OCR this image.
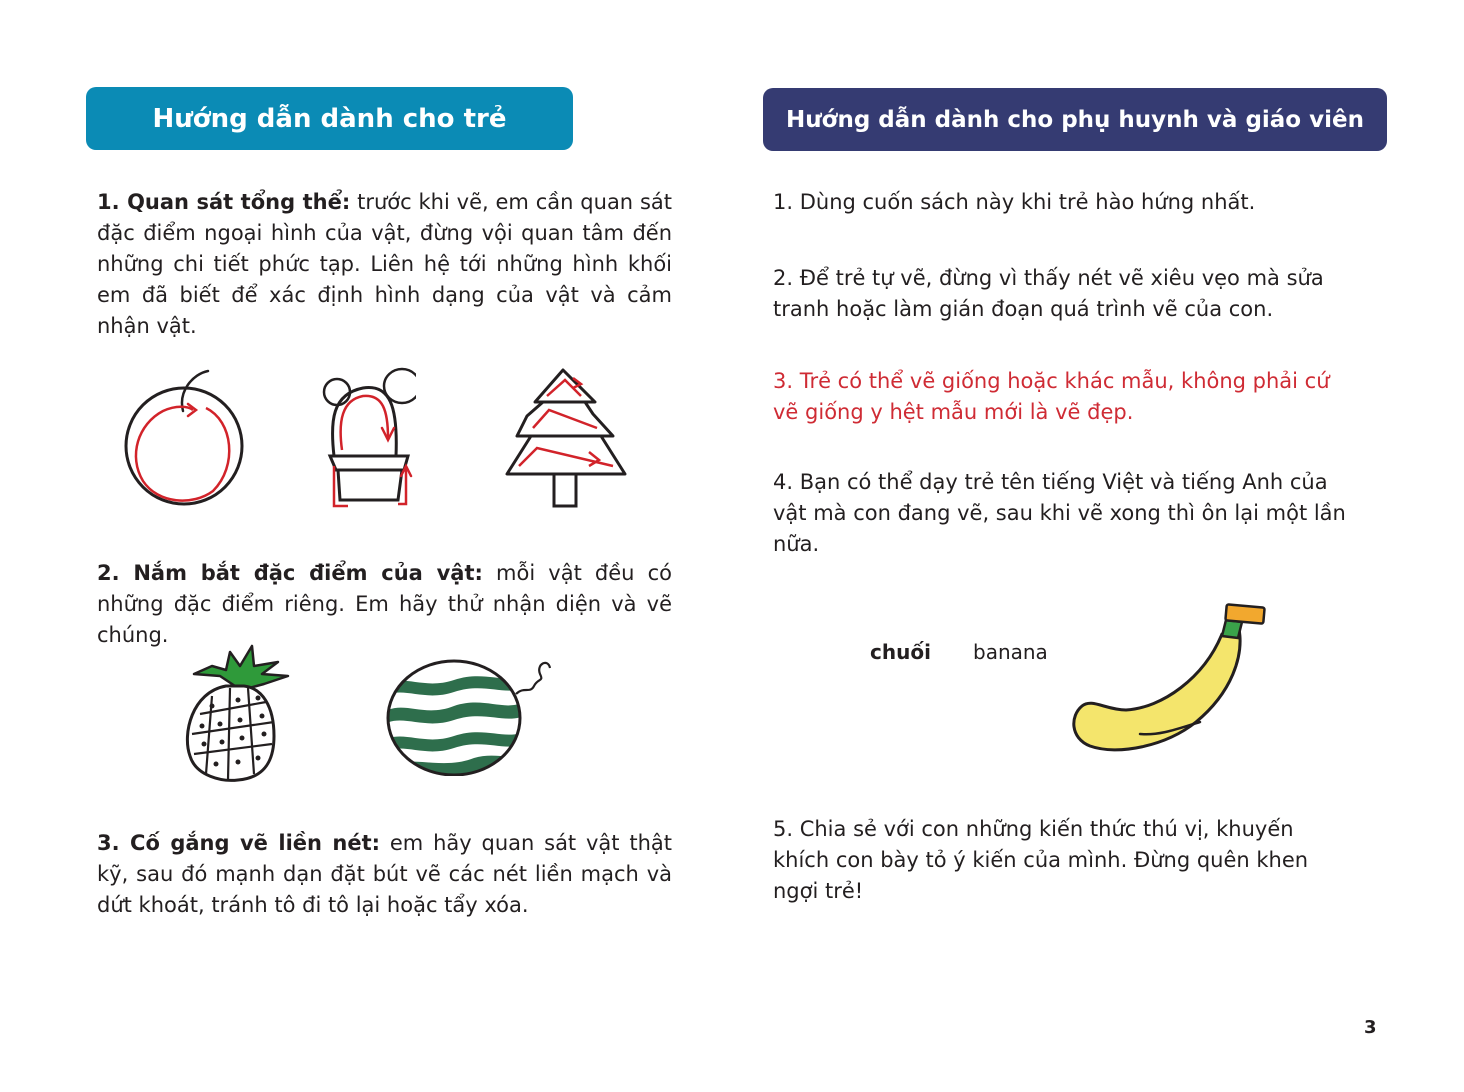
Hướng dẫn dành cho trẻ	Hướng dẫn dành cho phụ huynh và giáo viên

1. Quan sát tổng thể: trước khi vẽ, em cần quan sát đặc điểm ngoại hình của vật, đừng vội quan tâm đến những chi tiết phức tạp. Liên hệ tới những hình khối em đã biết để xác định hình dạng của vật và cảm nhận vật.

2. Nắm bắt đặc điểm của vật: mỗi vật đều có những đặc điểm riêng. Em hãy thử nhận diện và vẽ chúng.

3. Cố gắng vẽ liền nét: em hãy quan sát vật thật kỹ, sau đó mạnh dạn đặt bút vẽ các nét liền mạch và dứt khoát, tránh tô đi tô lại hoặc tẩy xóa.

1. Dùng cuốn sách này khi trẻ hào hứng nhất.

2. Để trẻ tự vẽ, đừng vì thấy nét vẽ xiêu vẹo mà sửa tranh hoặc làm gián đoạn quá trình vẽ của con.

3. Trẻ có thể vẽ giống hoặc khác mẫu, không phải cứ vẽ giống y hệt mẫu mới là vẽ đẹp.

4. Bạn có thể dạy trẻ tên tiếng Việt và tiếng Anh của vật mà con đang vẽ, sau khi vẽ xong thì ôn lại một lần nữa.

chuối banana

5. Chia sẻ với con những kiến thức thú vị, khuyến khích con bày tỏ ý kiến của mình. Đừng quên khen ngợi trẻ!

3
